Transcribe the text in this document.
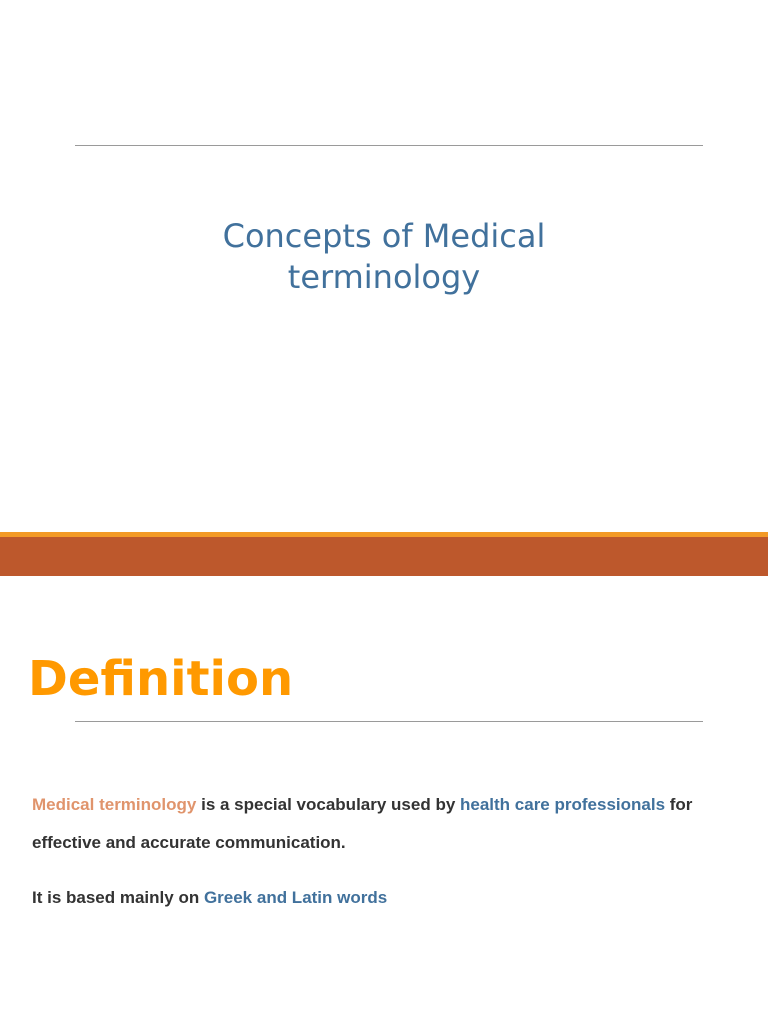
Concepts of Medical
terminology
Definition

Medical terminology is a special vocabulary used by health care professionals for effective and accurate communication.

It is based mainly on Greek and Latin words
